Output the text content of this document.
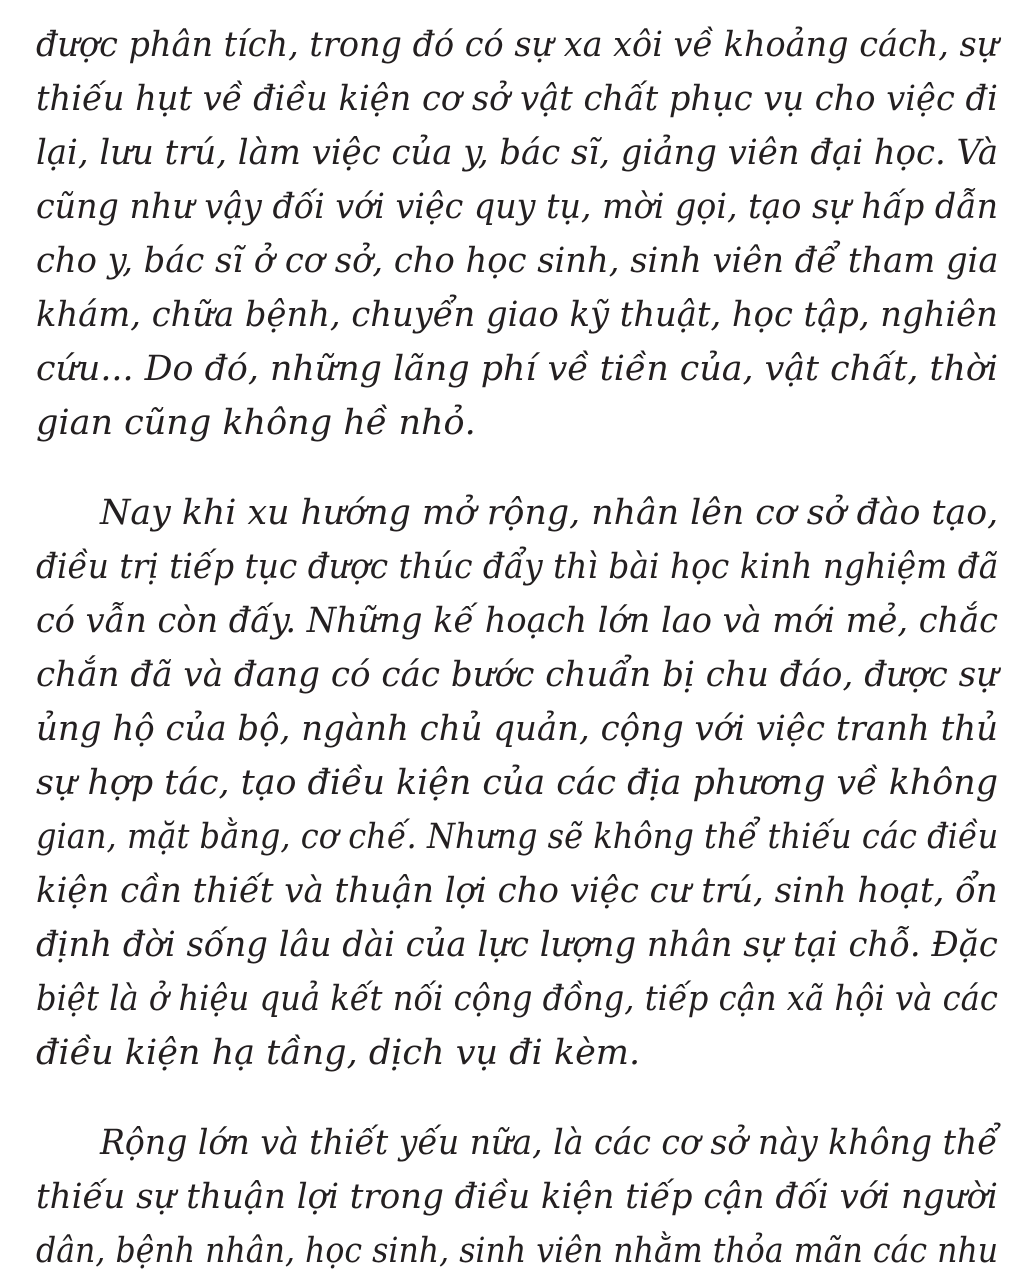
được phân tích, trong đó có sự xa xôi về khoảng cách, sự
thiếu hụt về điều kiện cơ sở vật chất phục vụ cho việc đi
lại, lưu trú, làm việc của y, bác sĩ, giảng viên đại học. Và
cũng như vậy đối với việc quy tụ, mời gọi, tạo sự hấp dẫn
cho y, bác sĩ ở cơ sở, cho học sinh, sinh viên để tham gia
khám, chữa bệnh, chuyển giao kỹ thuật, học tập, nghiên
cứu... Do đó, những lãng phí về tiền của, vật chất, thời
gian cũng không hề nhỏ.
Nay khi xu hướng mở rộng, nhân lên cơ sở đào tạo,
điều trị tiếp tục được thúc đẩy thì bài học kinh nghiệm đã
có vẫn còn đấy. Những kế hoạch lớn lao và mới mẻ, chắc
chắn đã và đang có các bước chuẩn bị chu đáo, được sự
ủng hộ của bộ, ngành chủ quản, cộng với việc tranh thủ
sự hợp tác, tạo điều kiện của các địa phương về không
gian, mặt bằng, cơ chế. Nhưng sẽ không thể thiếu các điều
kiện cần thiết và thuận lợi cho việc cư trú, sinh hoạt, ổn
định đời sống lâu dài của lực lượng nhân sự tại chỗ. Đặc
biệt là ở hiệu quả kết nối cộng đồng, tiếp cận xã hội và các
điều kiện hạ tầng, dịch vụ đi kèm.
Rộng lớn và thiết yếu nữa, là các cơ sở này không thể
thiếu sự thuận lợi trong điều kiện tiếp cận đối với người
dân, bệnh nhân, học sinh, sinh viên nhằm thỏa mãn các nhu
